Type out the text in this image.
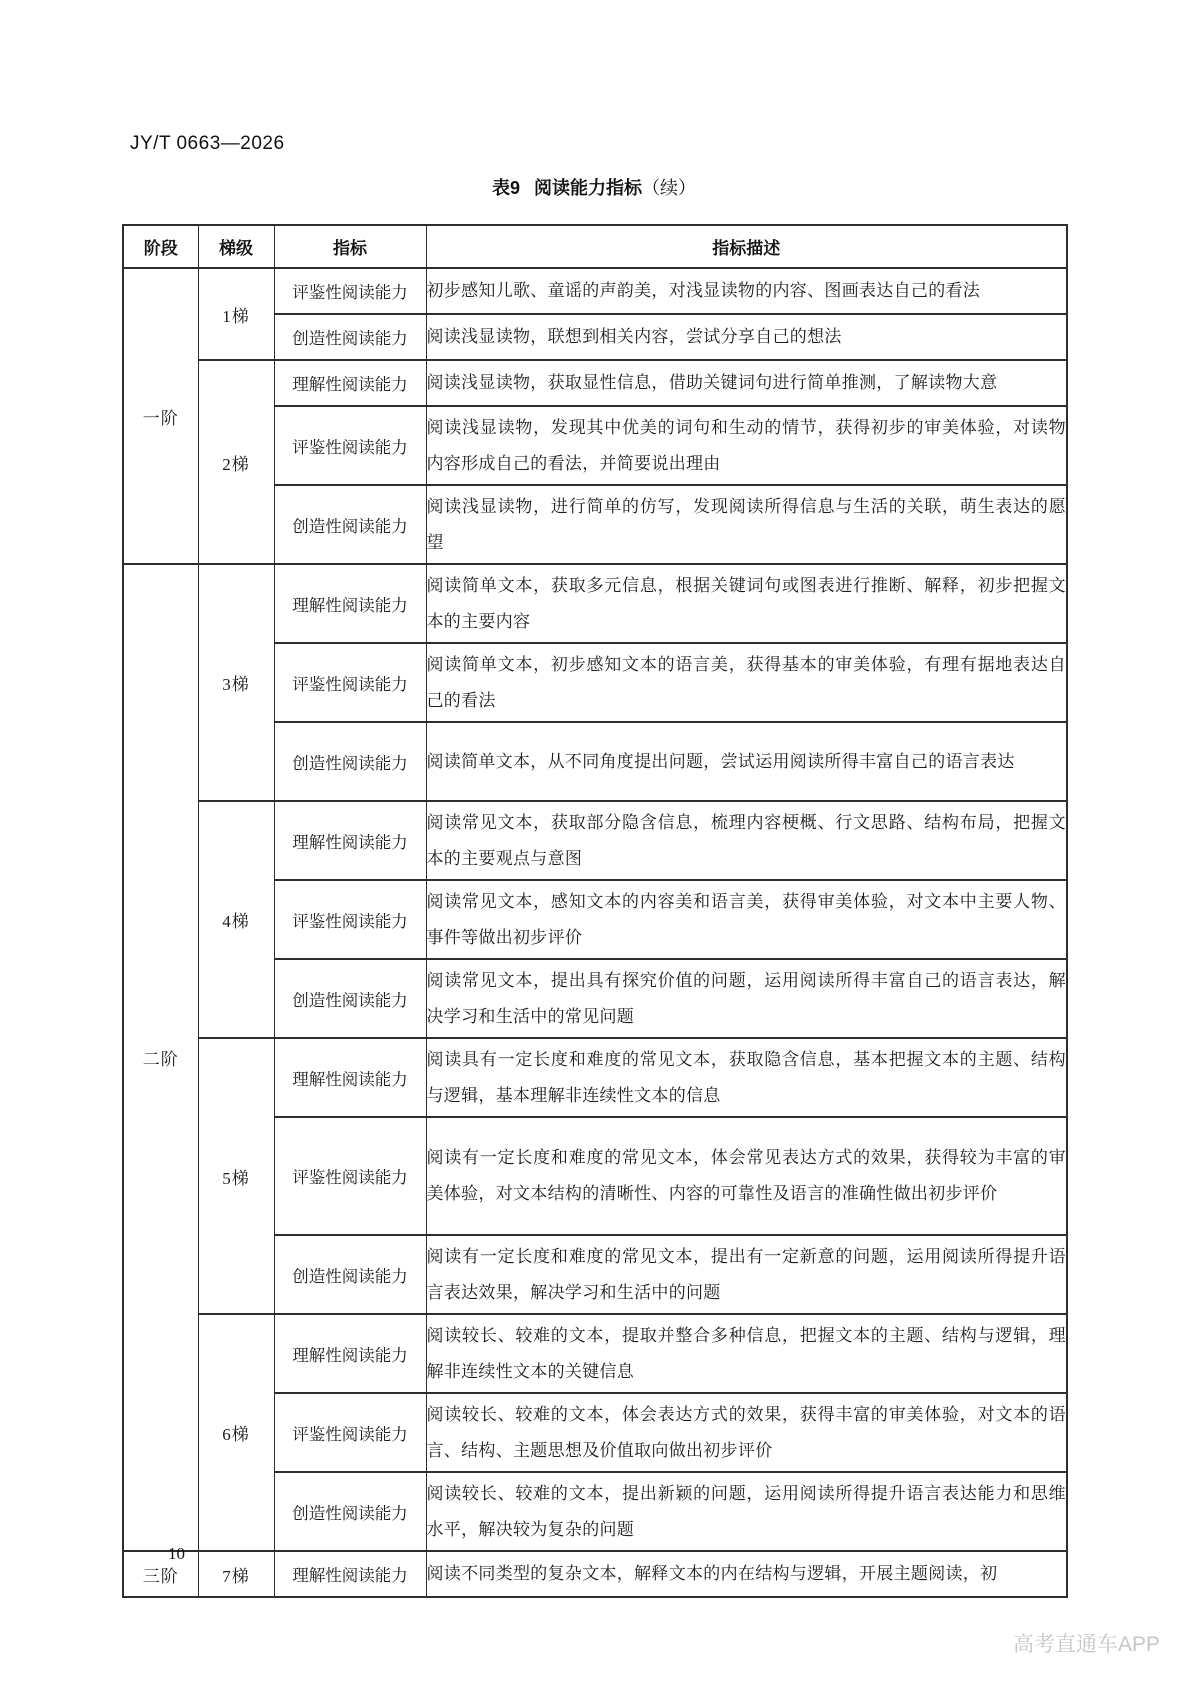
JY/T 0663—2026
表9 阅读能力指标（续）
阶段	梯级	指标	指标描述
一阶	1梯	评鉴性阅读能力	初步感知儿歌、童谣的声韵美，对浅显读物的内容、图画表达自己的看法
		创造性阅读能力	阅读浅显读物，联想到相关内容，尝试分享自己的想法
	2梯	理解性阅读能力	阅读浅显读物，获取显性信息，借助关键词句进行简单推测，了解读物大意
		评鉴性阅读能力	阅读浅显读物，发现其中优美的词句和生动的情节，获得初步的审美体验，对读物内容形成自己的看法，并简要说出理由
		创造性阅读能力	阅读浅显读物，进行简单的仿写，发现阅读所得信息与生活的关联，萌生表达的愿望
二阶	3梯	理解性阅读能力	阅读简单文本，获取多元信息，根据关键词句或图表进行推断、解释，初步把握文本的主要内容
		评鉴性阅读能力	阅读简单文本，初步感知文本的语言美，获得基本的审美体验，有理有据地表达自己的看法
		创造性阅读能力	阅读简单文本，从不同角度提出问题，尝试运用阅读所得丰富自己的语言表达
	4梯	理解性阅读能力	阅读常见文本，获取部分隐含信息，梳理内容梗概、行文思路、结构布局，把握文本的主要观点与意图
		评鉴性阅读能力	阅读常见文本，感知文本的内容美和语言美，获得审美体验，对文本中主要人物、事件等做出初步评价
		创造性阅读能力	阅读常见文本，提出具有探究价值的问题，运用阅读所得丰富自己的语言表达，解决学习和生活中的常见问题
	5梯	理解性阅读能力	阅读具有一定长度和难度的常见文本，获取隐含信息，基本把握文本的主题、结构与逻辑，基本理解非连续性文本的信息
		评鉴性阅读能力	阅读有一定长度和难度的常见文本，体会常见表达方式的效果，获得较为丰富的审美体验，对文本结构的清晰性、内容的可靠性及语言的准确性做出初步评价
		创造性阅读能力	阅读有一定长度和难度的常见文本，提出有一定新意的问题，运用阅读所得提升语言表达效果，解决学习和生活中的问题
	6梯	理解性阅读能力	阅读较长、较难的文本，提取并整合多种信息，把握文本的主题、结构与逻辑，理解非连续性文本的关键信息
		评鉴性阅读能力	阅读较长、较难的文本，体会表达方式的效果，获得丰富的审美体验，对文本的语言、结构、主题思想及价值取向做出初步评价
		创造性阅读能力	阅读较长、较难的文本，提出新颖的问题，运用阅读所得提升语言表达能力和思维水平，解决较为复杂的问题
三阶	7梯	理解性阅读能力	阅读不同类型的复杂文本，解释文本的内在结构与逻辑，开展主题阅读，初
10
高考直通车APP
